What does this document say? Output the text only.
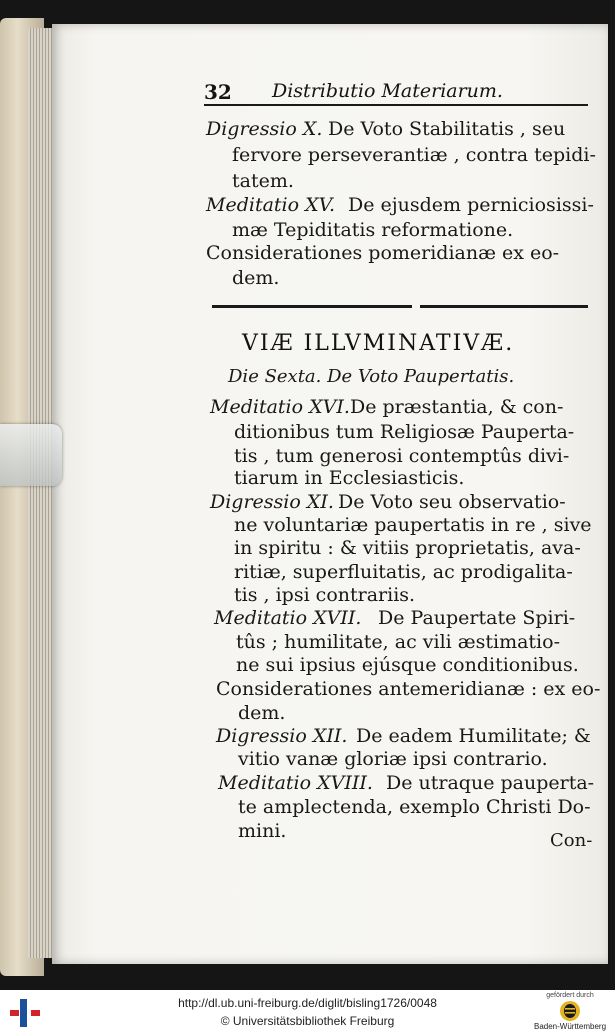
32 Distributio Materiarum.
Digressio X. De Voto Stabilitatis , seu
fervore perseverantiæ , contra tepidi-
tatem.
Meditatio XV. De ejusdem perniciosissi-
mæ Tepiditatis reformatione.
Considerationes pomeridianæ ex eo-
dem.
VIÆ ILLVMINATIVÆ.
Die Sexta. De Voto Paupertatis.
Meditatio XVI. De præstantia, & con-
ditionibus tum Religiosæ Pauperta-
tis , tum generosi contemptûs divi-
tiarum in Ecclesiasticis.
Digressio XI. De Voto seu observatio-
ne voluntariæ paupertatis in re , sive
in spiritu : & vitiis proprietatis, ava-
ritiæ, superfluitatis, ac prodigalita-
tis , ipsi contrariis.
Meditatio XVII. De Paupertate Spiri-
tûs ; humilitate, ac vili æstimatio-
ne sui ipsius ejúsque conditionibus.
Considerationes antemeridianæ : ex eo-
dem.
Digressio XII. De eadem Humilitate; &
vitio vanæ gloriæ ipsi contrario.
Meditatio XVIII. De utraque pauperta-
te amplectenda, exemplo Christi Do-
mini.	Con-
http://dl.ub.uni-freiburg.de/diglit/bisling1726/0048
© Universitätsbibliothek Freiburg
gefördert durch
Baden-Württemberg
